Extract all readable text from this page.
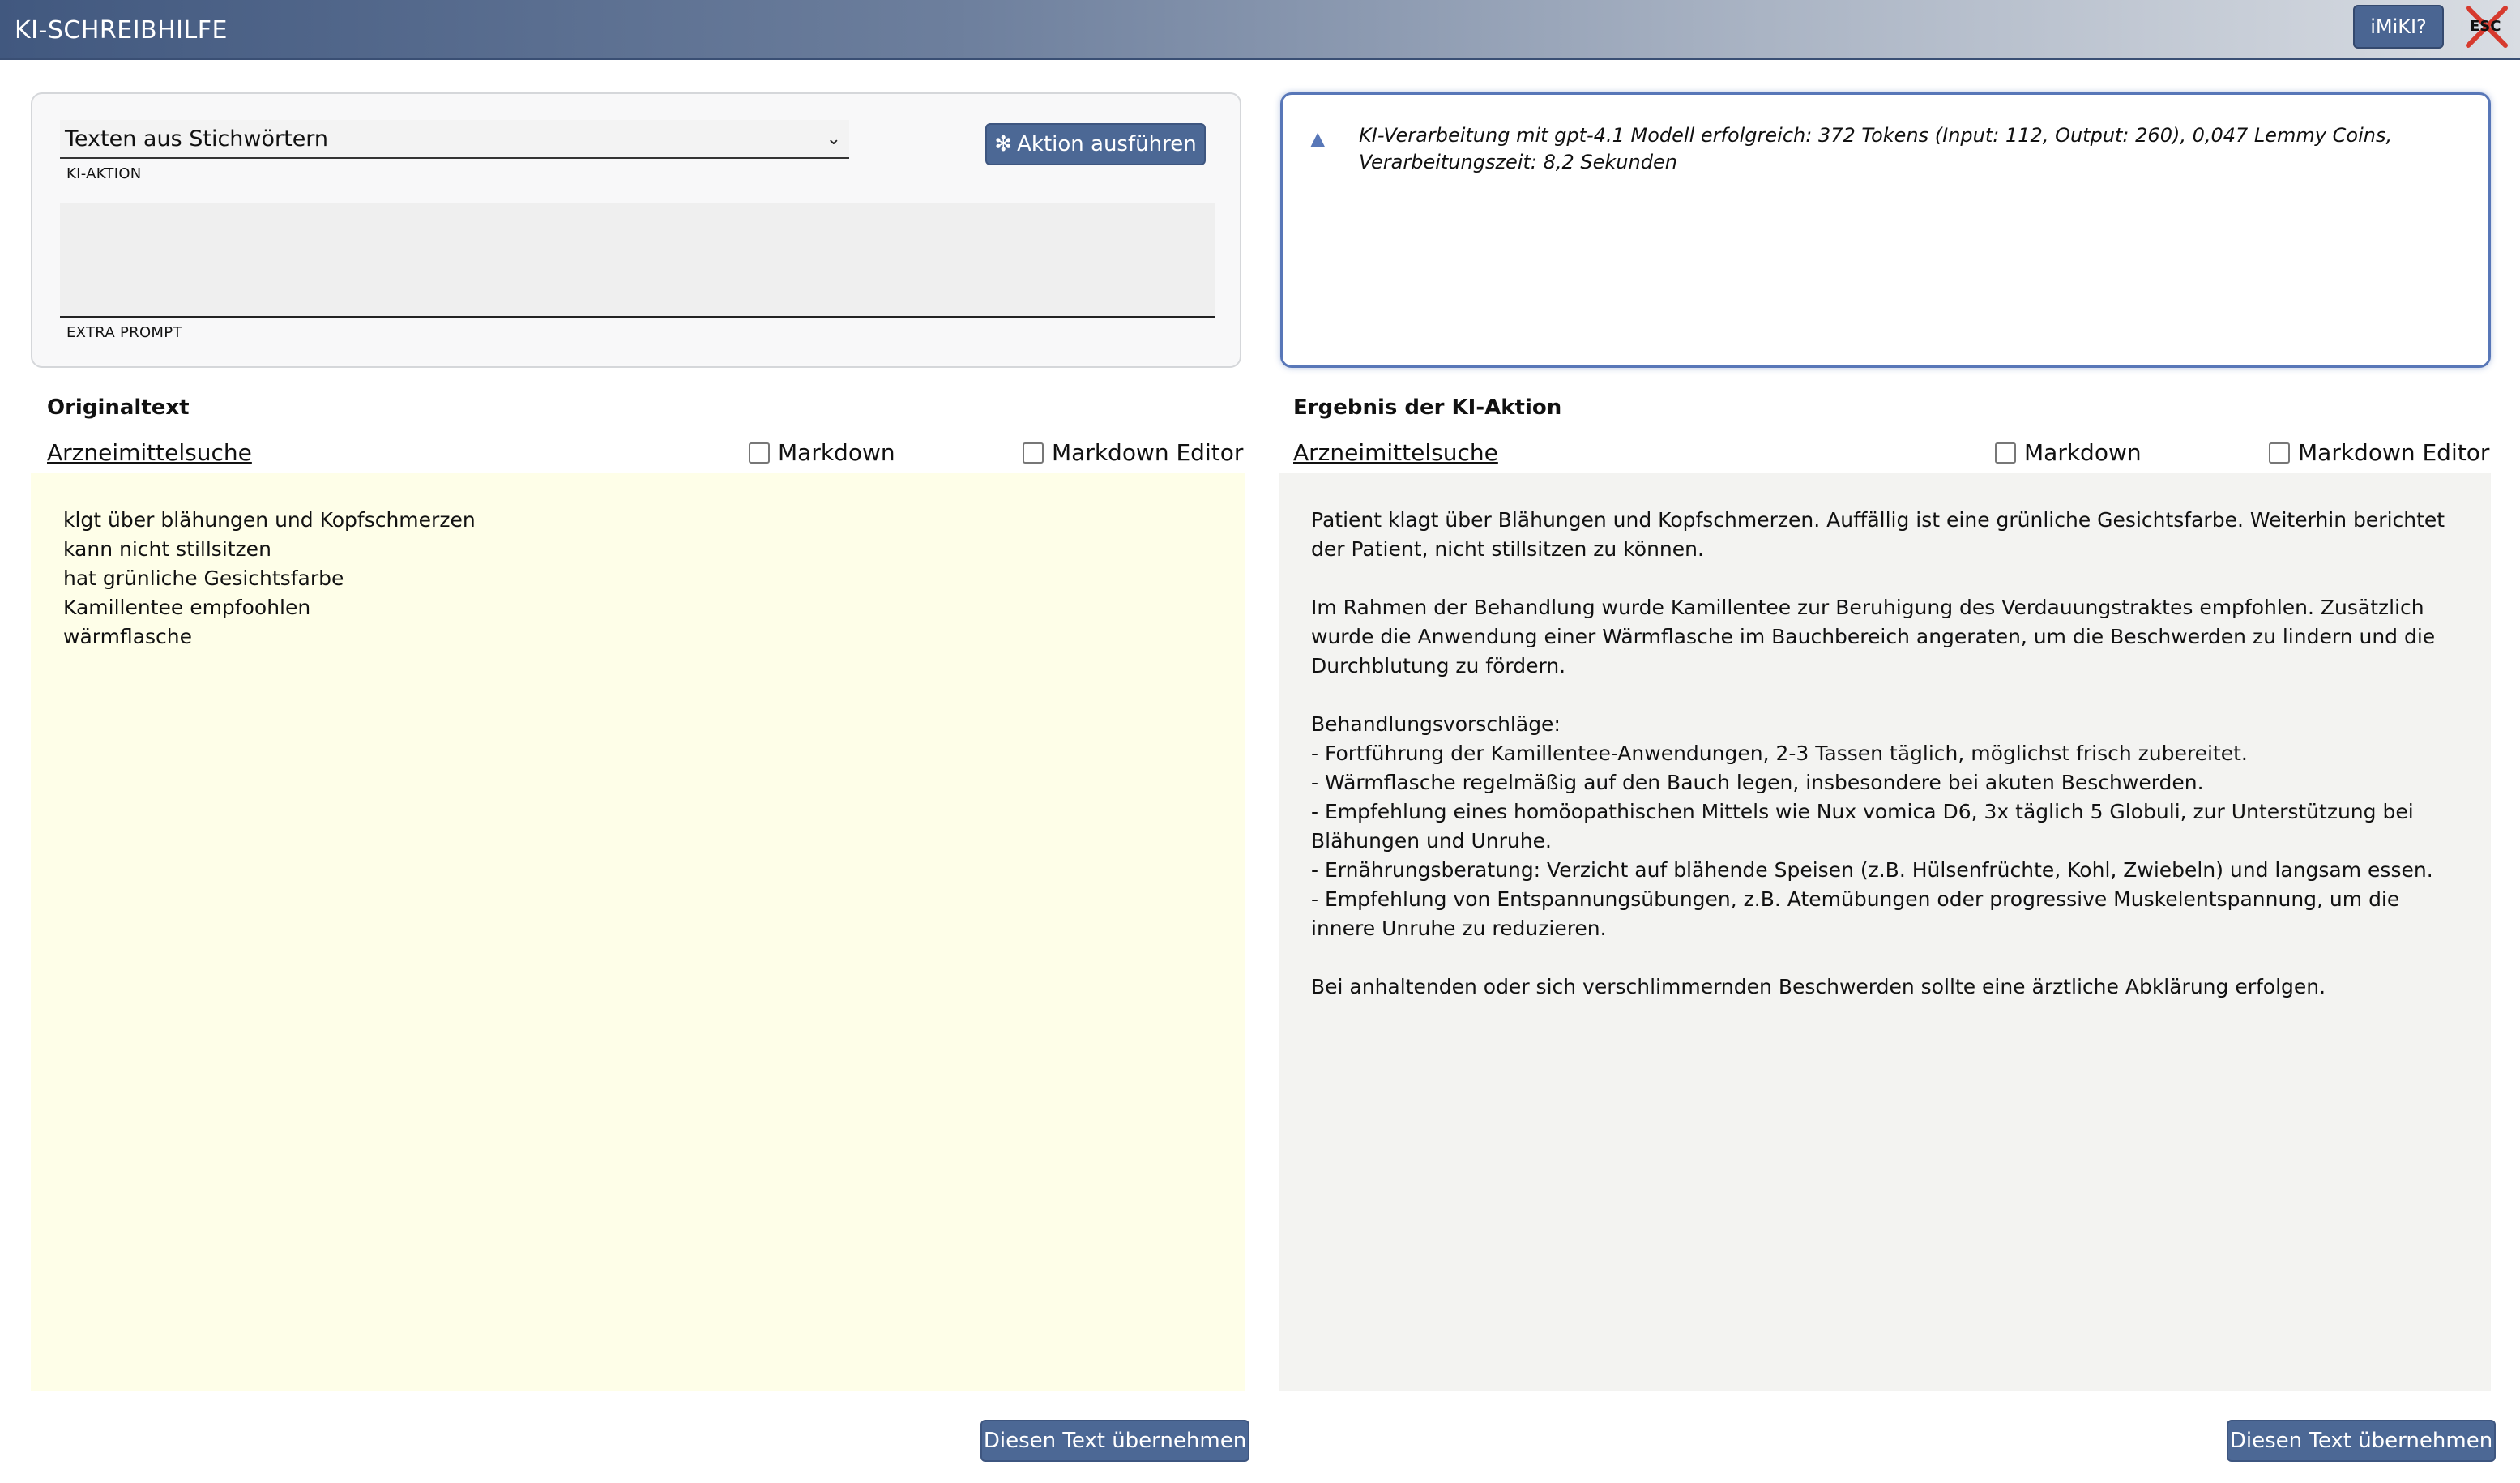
KI-SCHREIBHILFE	iMiKI?	ESC
Texten aus Stichwörtern	⌄
KI-AKTION
❇ Aktion ausführen
EXTRA PROMPT
▲ KI-Verarbeitung mit gpt-4.1 Modell erfolgreich: 372 Tokens (Input: 112, Output: 260), 0,047 Lemmy Coins, Verarbeitungszeit: 8,2 Sekunden
Originaltext
Arzneimittelsuche	Markdown	Markdown Editor
Ergebnis der KI-Aktion
Arzneimittelsuche	Markdown	Markdown Editor
klgt über blähungen und Kopfschmerzen
kann nicht stillsitzen
hat grünliche Gesichtsfarbe
Kamillentee empfoohlen
wärmflasche
Patient klagt über Blähungen und Kopfschmerzen. Auffällig ist eine grünliche Gesichtsfarbe. Weiterhin berichtet der Patient, nicht stillsitzen zu können.

Im Rahmen der Behandlung wurde Kamillentee zur Beruhigung des Verdauungstraktes empfohlen. Zusätzlich wurde die Anwendung einer Wärmflasche im Bauchbereich angeraten, um die Beschwerden zu lindern und die Durchblutung zu fördern.

Behandlungsvorschläge:
- Fortführung der Kamillentee-Anwendungen, 2-3 Tassen täglich, möglichst frisch zubereitet.
- Wärmflasche regelmäßig auf den Bauch legen, insbesondere bei akuten Beschwerden.
- Empfehlung eines homöopathischen Mittels wie Nux vomica D6, 3x täglich 5 Globuli, zur Unterstützung bei Blähungen und Unruhe.
- Ernährungsberatung: Verzicht auf blähende Speisen (z.B. Hülsenfrüchte, Kohl, Zwiebeln) und langsam essen.
- Empfehlung von Entspannungsübungen, z.B. Atemübungen oder progressive Muskelentspannung, um die innere Unruhe zu reduzieren.

Bei anhaltenden oder sich verschlimmernden Beschwerden sollte eine ärztliche Abklärung erfolgen.
Diesen Text übernehmen	Diesen Text übernehmen
